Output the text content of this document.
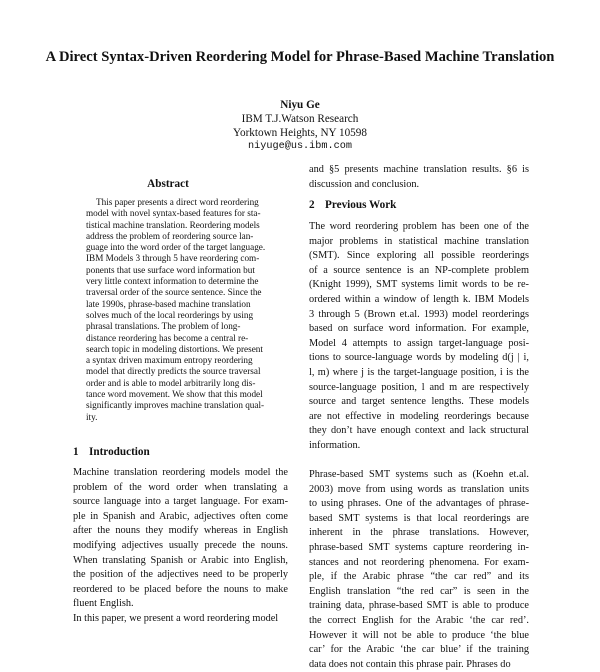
A Direct Syntax-Driven Reordering Model for Phrase-Based Machine Translation
Niyu Ge
IBM T.J.Watson Research
Yorktown Heights, NY 10598
niyuge@us.ibm.com
Abstract
This paper presents a direct word reordering
model with novel syntax-based features for sta-
tistical machine translation. Reordering models
address the problem of reordering source lan-
guage into the word order of the target language.
IBM Models 3 through 5 have reordering com-
ponents that use surface word information but
very little context information to determine the
traversal order of the source sentence. Since the
late 1990s, phrase-based machine translation
solves much of the local reorderings by using
phrasal translations. The problem of long-
distance reordering has become a central re-
search topic in modeling distortions. We present
a syntax driven maximum entropy reordering
model that directly predicts the source traversal
order and is able to model arbitrarily long dis-
tance word movement. We show that this model
significantly improves machine translation qual-
ity.
1 Introduction
Machine translation reordering models model the
problem of the word order when translating a
source language into a target language. For exam-
ple in Spanish and Arabic, adjectives often come
after the nouns they modify whereas in English
modifying adjectives usually precede the nouns.
When translating Spanish or Arabic into English,
the position of the adjectives need to be properly
reordered to be placed before the nouns to make
fluent English.
In this paper, we present a word reordering model
and §5 presents machine translation results. §6 is
discussion and conclusion.
2 Previous Work
The word reordering problem has been one of the
major problems in statistical machine translation
(SMT). Since exploring all possible reorderings
of a source sentence is an NP-complete problem
(Knight 1999), SMT systems limit words to be re-
ordered within a window of length k. IBM Models
3 through 5 (Brown et.al. 1993) model reorderings
based on surface word information. For example,
Model 4 attempts to assign target-language posi-
tions to source-language words by modeling d(j | i,
l, m) where j is the target-language position, i is the
source-language position, l and m are respectively
source and target sentence lengths. These models
are not effective in modeling reorderings because
they don’t have enough context and lack structural
information.
Phrase-based SMT systems such as (Koehn et.al.
2003) move from using words as translation units
to using phrases. One of the advantages of phrase-
based SMT systems is that local reorderings are
inherent in the phrase translations. However,
phrase-based SMT systems capture reordering in-
stances and not reordering phenomena. For exam-
ple, if the Arabic phrase “the car red” and its
English translation “the red car” is seen in the
training data, phrase-based SMT is able to produce
the correct English for the Arabic ‘the car red’.
However it will not be able to produce ‘the blue
car’ for the Arabic ‘the car blue’ if the training
data does not contain this phrase pair. Phrases do
